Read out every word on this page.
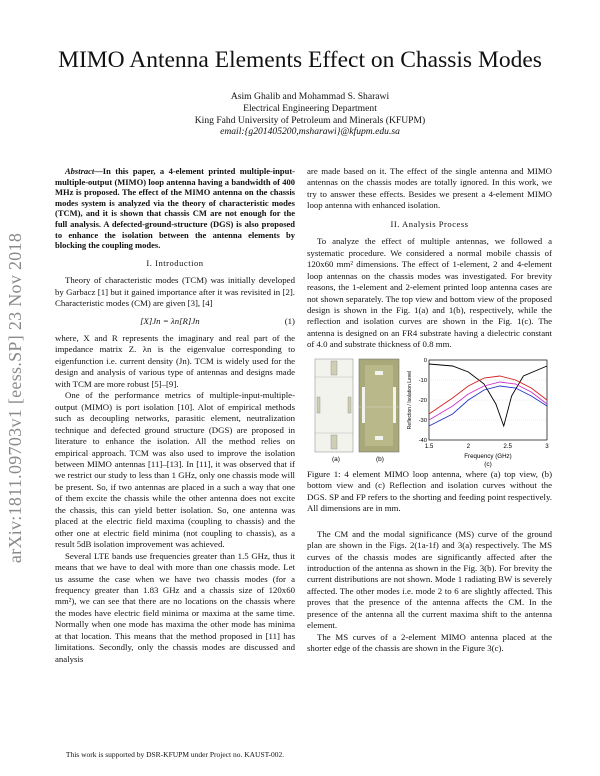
MIMO Antenna Elements Effect on Chassis Modes
Asim Ghalib and Mohammad S. Sharawi
Electrical Engineering Department
King Fahd University of Petroleum and Minerals (KFUPM)
email:{g201405200,msharawi}@kfupm.edu.sa
arXiv:1811.09703v1 [eess.SP] 23 Nov 2018

Abstract—In this paper, a 4-element printed multiple-input-multiple-output (MIMO) loop antenna having a bandwidth of 400 MHz is proposed. The effect of the MIMO antenna on the chassis modes system is analyzed via the theory of characteristic modes (TCM), and it is shown that chassis CM are not enough for the full analysis. A defected-ground-structure (DGS) is also proposed to enhance the isolation between the antenna elements by blocking the coupling modes.

I. Introduction

Theory of characteristic modes (TCM) was initially developed by Garbacz [1] but it gained importance after it was revisited in [2]. Characteristic modes (CM) are given [3], [4]

[X]Jn = λn[R]Jn	(1)

where, X and R represents the imaginary and real part of the impedance matrix Z. λn is the eigenvalue corresponding to eigenfunction i.e. current density (Jn). TCM is widely used for the design and analysis of various type of antennas and designs made with TCM are more robust [5]–[9].

One of the performance metrics of multiple-input-multiple-output (MIMO) is port isolation [10]. Alot of empirical methods such as decoupling networks, parasitic element, neutralization technique and defected ground structure (DGS) are proposed in literature to enhance the isolation. All the method relies on empirical approach. TCM was also used to improve the isolation between MIMO antennas [11]–[13]. In [11], it was observed that if we restrict our study to less than 1 GHz, only one chassis mode will be present. So, if two antennas are placed in a such a way that one of them excite the chassis while the other antenna does not excite the chassis, this can yield better isolation. So, one antenna was placed at the electric field maxima (coupling to chassis) and the other one at electric field minima (not coupling to chassis), as a result 5dB isolation improvement was achieved.

Several LTE bands use frequencies greater than 1.5 GHz, thus it means that we have to deal with more than one chassis mode. Let us assume the case when we have two chassis modes (for a frequency greater than 1.83 GHz and a chassis size of 120x60 mm²), we can see that there are no locations on the chassis where the modes have electric field minima or maxima at the same time. Normally when one mode has maxima the other mode has minima at that location. This means that the method proposed in [11] has limitations. Secondly, only the chassis modes are discussed and analysis

This work is supported by DSR-KFUPM under Project no. KAUST-002.

are made based on it. The effect of the single antenna and MIMO antennas on the chassis modes are totally ignored. In this work, we try to answer these effects. Besides we present a 4-element MIMO loop antenna with enhanced isolation.

II. Analysis Process

To analyze the effect of multiple antennas, we followed a systematic procedure. We considered a normal mobile chassis of 120x60 mm² dimensions. The effect of 1-element, 2 and 4-element loop antennas on the chassis modes was investigated. For brevity reasons, the 1-element and 2-element printed loop antenna cases are not shown separately. The top view and bottom view of the proposed design is shown in the Fig. 1(a) and 1(b), respectively, while the reflection and isolation curves are shown in the Fig. 1(c). The antenna is designed on an FR4 substrate having a dielectric constant of 4.0 and substrate thickness of 0.8 mm.

1.5	2	2.5	3
0
-10
-20
-30
-40
(a)	(b)
(c)
Frequency (GHz)
Reflection / Isolation Level

Figure 1: 4 element MIMO loop antenna, where (a) top view, (b) bottom view and (c) Reflection and isolation curves without the DGS. SP and FP refers to the shorting and feeding point respectively. All dimensions are in mm.

The CM and the modal significance (MS) curve of the ground plan are shown in the Figs. 2(1a-1f) and 3(a) respectively. The MS curves of the chassis modes are significantly affected after the introduction of the antenna as shown in the Fig. 3(b). For brevity the current distributions are not shown. Mode 1 radiating BW is severely affected. The other modes i.e. mode 2 to 6 are slightly affected. This proves that the presence of the antenna affects the CM. In the presence of the antenna all the current maxima shift to the antenna element.

The MS curves of a 2-element MIMO antenna placed at the shorter edge of the chassis are shown in the Figure 3(c).
